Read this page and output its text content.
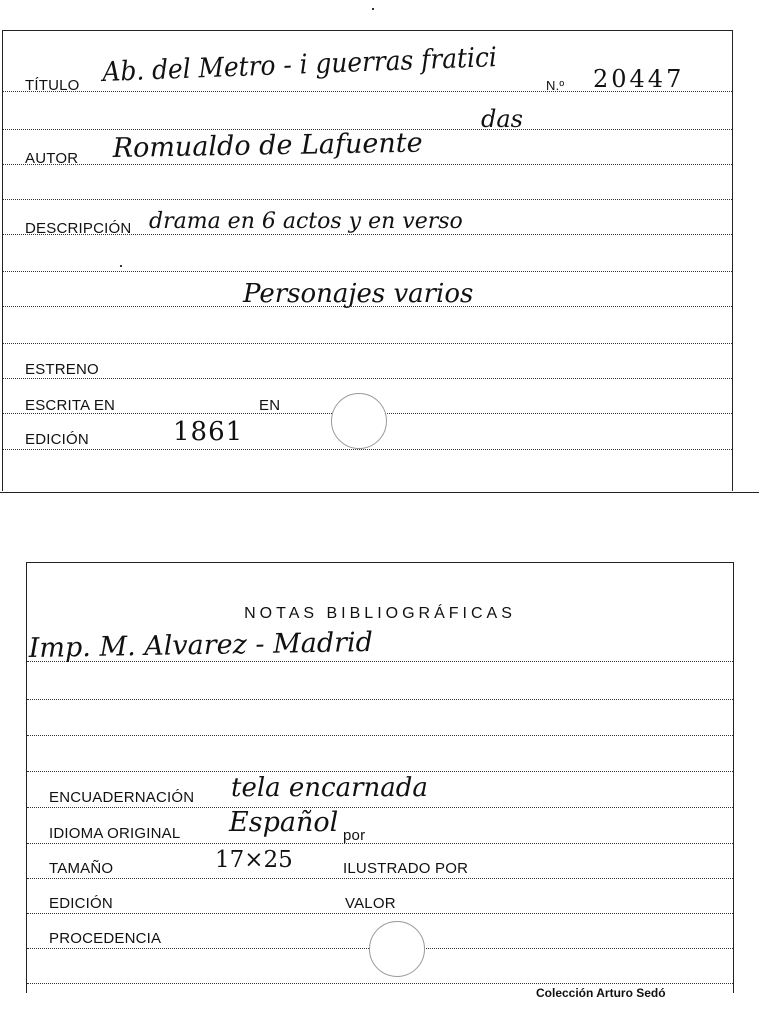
TÍTULO Ab. del Metro - i guerras fratici	N.º 20447
das
AUTOR Romualdo de Lafuente
DESCRIPCIÓN drama en 6 actos y en verso
Personajes varios
ESTRENO
ESCRITA EN	EN
EDICIÓN	1861
NOTAS BIBLIOGRÁFICAS
Imp. M. Alvarez - Madrid
ENCUADERNACIÓN tela encarnada
IDIOMA ORIGINAL Español por
TAMAÑO	17×25	ILUSTRADO POR
EDICIÓN	VALOR
PROCEDENCIA
Colección Arturo Sedó
